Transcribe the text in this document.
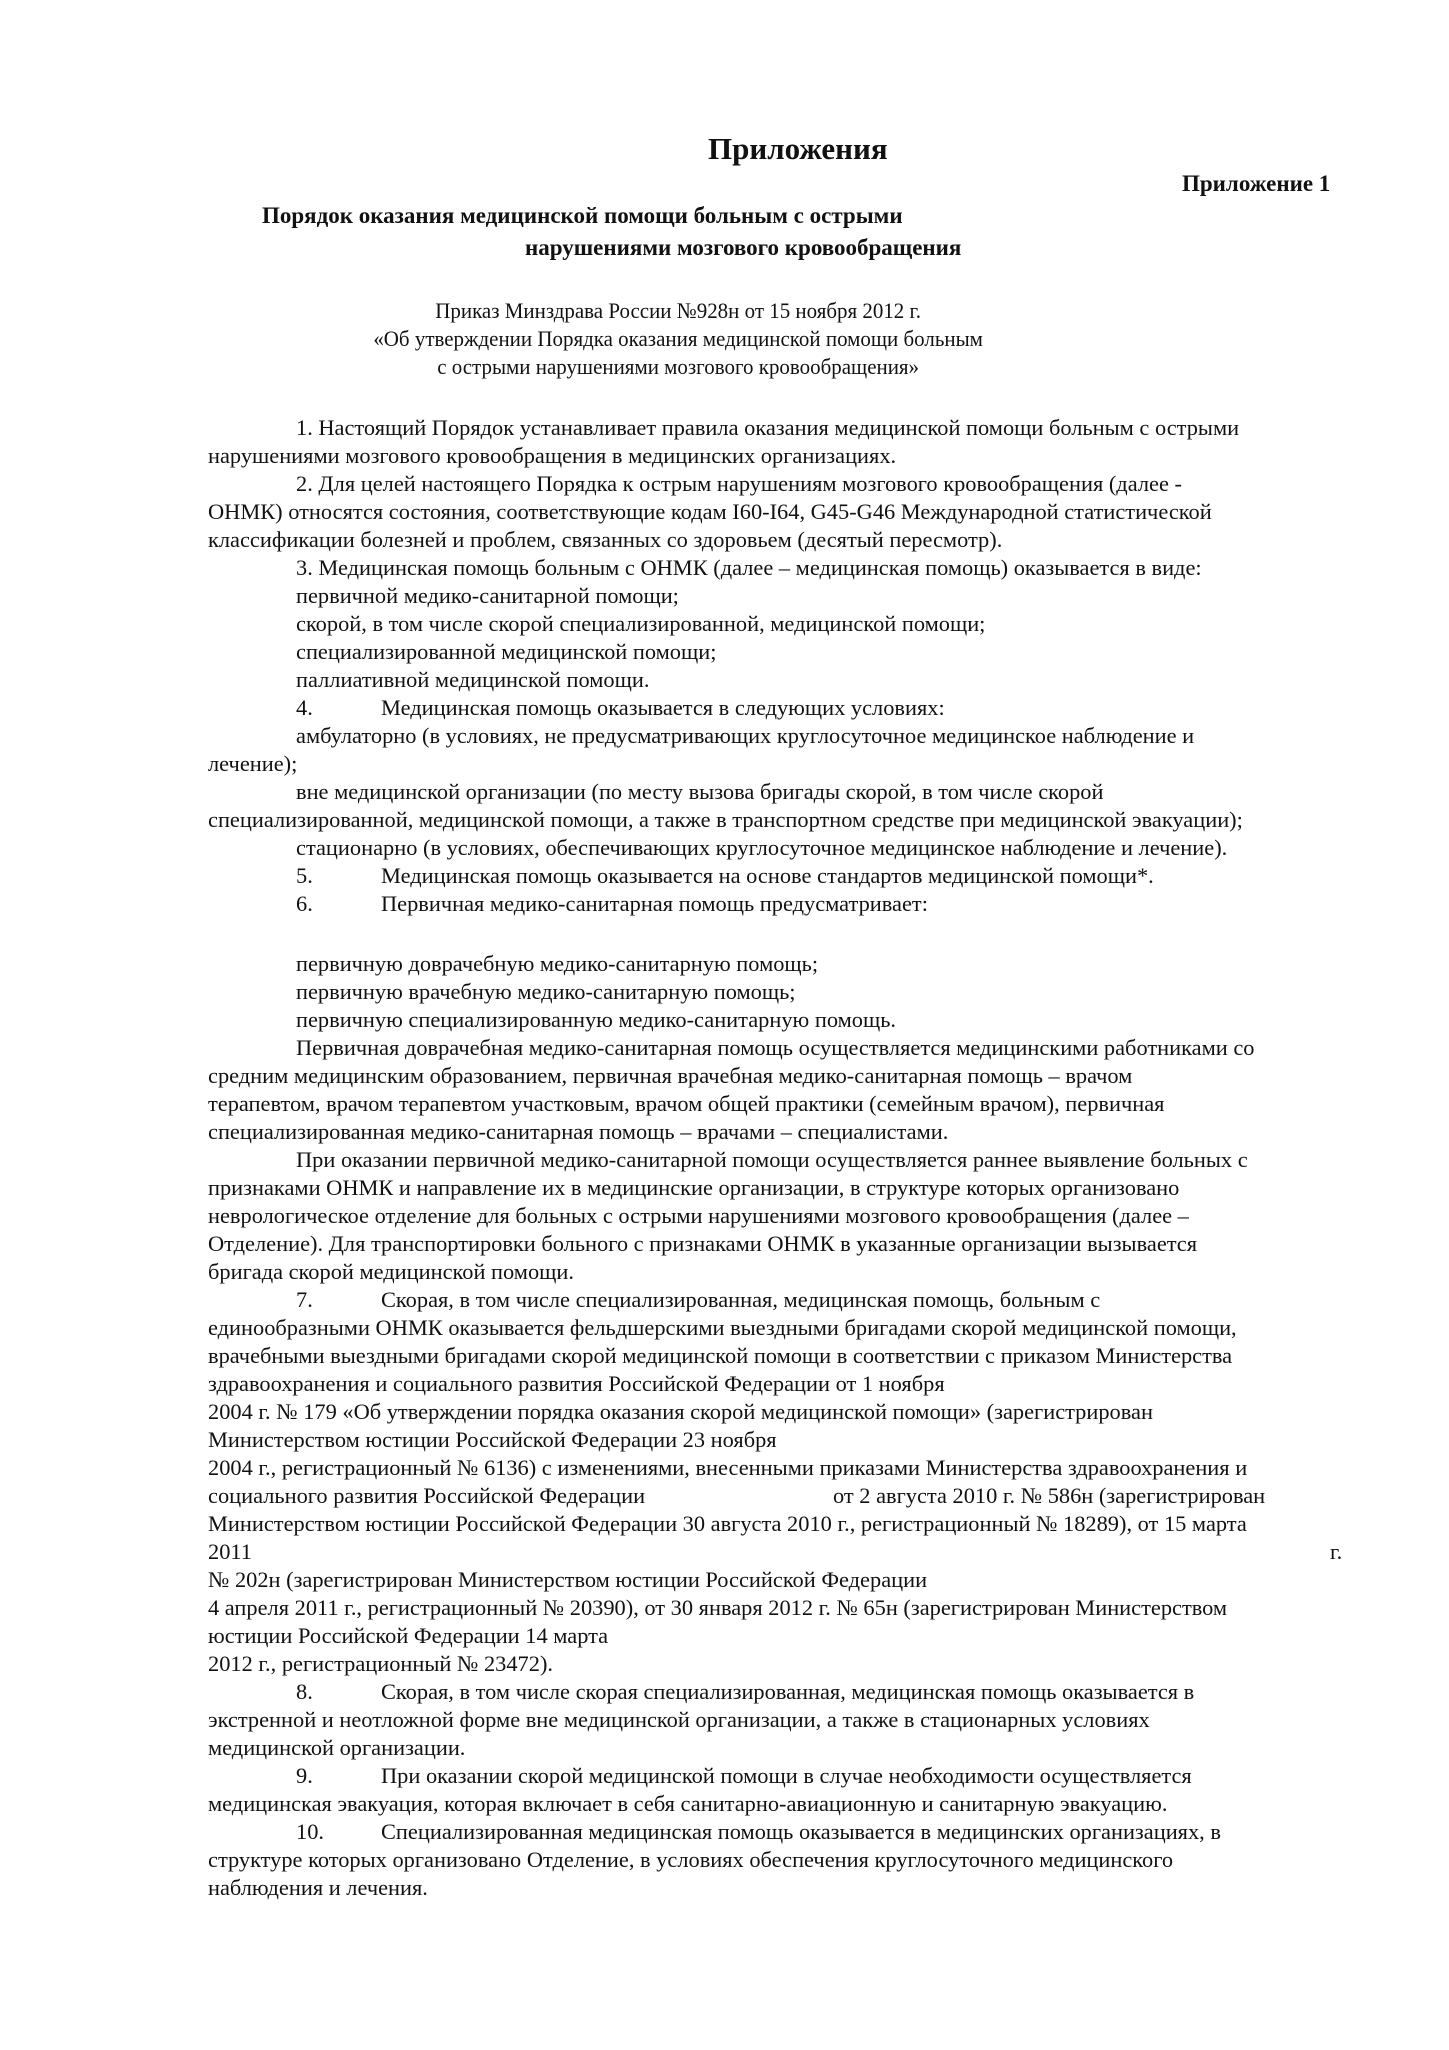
Приложения
Приложение 1
Порядок оказания медицинской помощи больным с острыми
нарушениями мозгового кровообращения
Приказ Минздрава России №928н от 15 ноября 2012 г.
«Об утверждении Порядка оказания медицинской помощи больным
с острыми нарушениями мозгового кровообращения»
1. Настоящий Порядок устанавливает правила оказания медицинской помощи больным с острыми
нарушениями мозгового кровообращения в медицинских организациях.
2. Для целей настоящего Порядка к острым нарушениям мозгового кровообращения (далее -
ОНМК) относятся состояния, соответствующие кодам I60-I64, G45-G46 Международной статистической
классификации болезней и проблем, связанных со здоровьем (десятый пересмотр).
3. Медицинская помощь больным с ОНМК (далее – медицинская помощь) оказывается в виде:
первичной медико-санитарной помощи;
скорой, в том числе скорой специализированной, медицинской помощи;
специализированной медицинской помощи;
паллиативной медицинской помощи.
4.	Медицинская помощь оказывается в следующих условиях:
амбулаторно (в условиях, не предусматривающих круглосуточное медицинское наблюдение и
лечение);
вне медицинской организации (по месту вызова бригады скорой, в том числе скорой
специализированной, медицинской помощи, а также в транспортном средстве при медицинской эвакуации);
стационарно (в условиях, обеспечивающих круглосуточное медицинское наблюдение и лечение).
5.	Медицинская помощь оказывается на основе стандартов медицинской помощи*.
6.	Первичная медико-санитарная помощь предусматривает:
первичную доврачебную медико-санитарную помощь;
первичную врачебную медико-санитарную помощь;
первичную специализированную медико-санитарную помощь.
Первичная доврачебная медико-санитарная помощь осуществляется медицинскими работниками со
средним медицинским образованием, первичная врачебная медико-санитарная помощь – врачом
терапевтом, врачом терапевтом участковым, врачом общей практики (семейным врачом), первичная
специализированная медико-санитарная помощь – врачами – специалистами.
При оказании первичной медико-санитарной помощи осуществляется раннее выявление больных с
признаками ОНМК и направление их в медицинские организации, в структуре которых организовано
неврологическое отделение для больных с острыми нарушениями мозгового кровообращения (далее –
Отделение). Для транспортировки больного с признаками ОНМК в указанные организации вызывается
бригада скорой медицинской помощи.
7.	Скорая, в том числе специализированная, медицинская помощь, больным с
единообразными ОНМК оказывается фельдшерскими выездными бригадами скорой медицинской помощи,
врачебными выездными бригадами скорой медицинской помощи в соответствии с приказом Министерства
здравоохранения и социального развития Российской Федерации от 1 ноября
2004 г. № 179 «Об утверждении порядка оказания скорой медицинской помощи» (зарегистрирован
Министерством юстиции Российской Федерации 23 ноября
2004 г., регистрационный № 6136) с изменениями, внесенными приказами Министерства здравоохранения и
социального развития Российской Федерации	от 2 августа 2010 г. № 586н (зарегистрирован
Министерством юстиции Российской Федерации 30 августа 2010 г., регистрационный № 18289), от 15 марта
2011	г.
№ 202н (зарегистрирован Министерством юстиции Российской Федерации
4 апреля 2011 г., регистрационный № 20390), от 30 января 2012 г. № 65н (зарегистрирован Министерством
юстиции Российской Федерации 14 марта
2012 г., регистрационный № 23472).
8.	Скорая, в том числе скорая специализированная, медицинская помощь оказывается в
экстренной и неотложной форме вне медицинской организации, а также в стационарных условиях
медицинской организации.
9.	При оказании скорой медицинской помощи в случае необходимости осуществляется
медицинская эвакуация, которая включает в себя санитарно-авиационную и санитарную эвакуацию.
10.	Специализированная медицинская помощь оказывается в медицинских организациях, в
структуре которых организовано Отделение, в условиях обеспечения круглосуточного медицинского
наблюдения и лечения.
